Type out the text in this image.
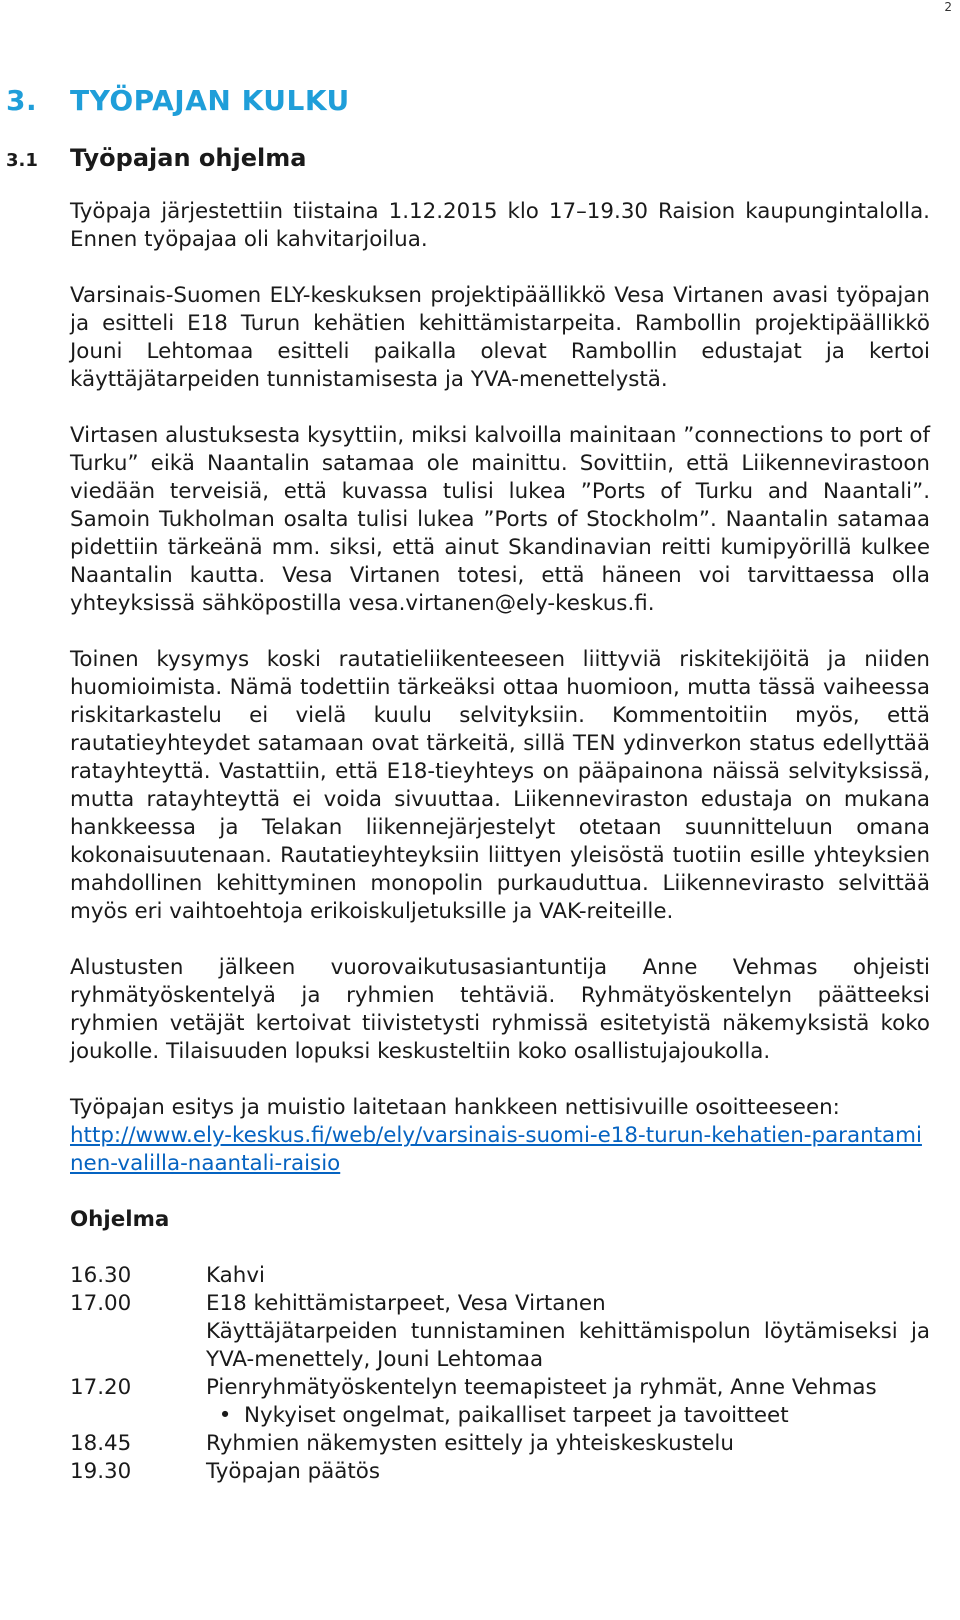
2
3. TYÖPAJAN KULKU
3.1 Työpajan ohjelma

Työpaja järjestettiin tiistaina 1.12.2015 klo 17–19.30 Raision kaupungintalolla. Ennen työpajaa oli kahvitarjoilua.

Varsinais-Suomen ELY-keskuksen projektipäällikkö Vesa Virtanen avasi työpajan ja esitteli E18 Turun kehätien kehittämistarpeita. Rambollin projektipäällikkö Jouni Lehtomaa esitteli paikalla olevat Rambollin edustajat ja kertoi käyttäjätarpeiden tunnistamisesta ja YVA-menettelystä.

Virtasen alustuksesta kysyttiin, miksi kalvoilla mainitaan ”connections to port of Turku” eikä Naantalin satamaa ole mainittu. Sovittiin, että Liikennevirastoon viedään terveisiä, että kuvassa tulisi lukea ”Ports of Turku and Naantali”. Samoin Tukholman osalta tulisi lukea ”Ports of Stockholm”. Naantalin satamaa pidettiin tärkeänä mm. siksi, että ainut Skandinavian reitti kumipyörillä kulkee Naantalin kautta. Vesa Virtanen totesi, että häneen voi tarvittaessa olla yhteyksissä sähköpostilla vesa.virtanen@ely-keskus.fi.

Toinen kysymys koski rautatieliikenteeseen liittyviä riskitekijöitä ja niiden huomioimista. Nämä todettiin tärkeäksi ottaa huomioon, mutta tässä vaiheessa riskitarkastelu ei vielä kuulu selvityksiin. Kommentoitiin myös, että rautatieyhteydet satamaan ovat tärkeitä, sillä TEN ydinverkon status edellyttää ratayhteyttä. Vastattiin, että E18-tieyhteys on pääpainona näissä selvityksissä, mutta ratayhteyttä ei voida sivuuttaa. Liikenneviraston edustaja on mukana hankkeessa ja Telakan liikennejärjestelyt otetaan suunnitteluun omana kokonaisuutenaan. Rautatieyhteyksiin liittyen yleisöstä tuotiin esille yhteyksien mahdollinen kehittyminen monopolin purkauduttua. Liikennevirasto selvittää myös eri vaihtoehtoja erikoiskuljetuksille ja VAK-reiteille.

Alustusten jälkeen vuorovaikutusasiantuntija Anne Vehmas ohjeisti ryhmätyöskentelyä ja ryhmien tehtäviä. Ryhmätyöskentelyn päätteeksi ryhmien vetäjät kertoivat tiivistetysti ryhmissä esitetyistä näkemyksistä koko joukolle. Tilaisuuden lopuksi keskusteltiin koko osallistujajoukolla.

Työpajan esitys ja muistio laitetaan hankkeen nettisivuille osoitteeseen:
http://www.ely-keskus.fi/web/ely/varsinais-suomi-e18-turun-kehatien-parantaminen-valilla-naantali-raisio

Ohjelma
16.30	Kahvi
17.00	E18 kehittämistarpeet, Vesa Virtanen
Käyttäjätarpeiden tunnistaminen kehittämispolun löytämiseksi ja YVA-menettely, Jouni Lehtomaa
17.20	Pienryhmätyöskentelyn teemapisteet ja ryhmät, Anne Vehmas
• Nykyiset ongelmat, paikalliset tarpeet ja tavoitteet
18.45	Ryhmien näkemysten esittely ja yhteiskeskustelu
19.30	Työpajan päätös
